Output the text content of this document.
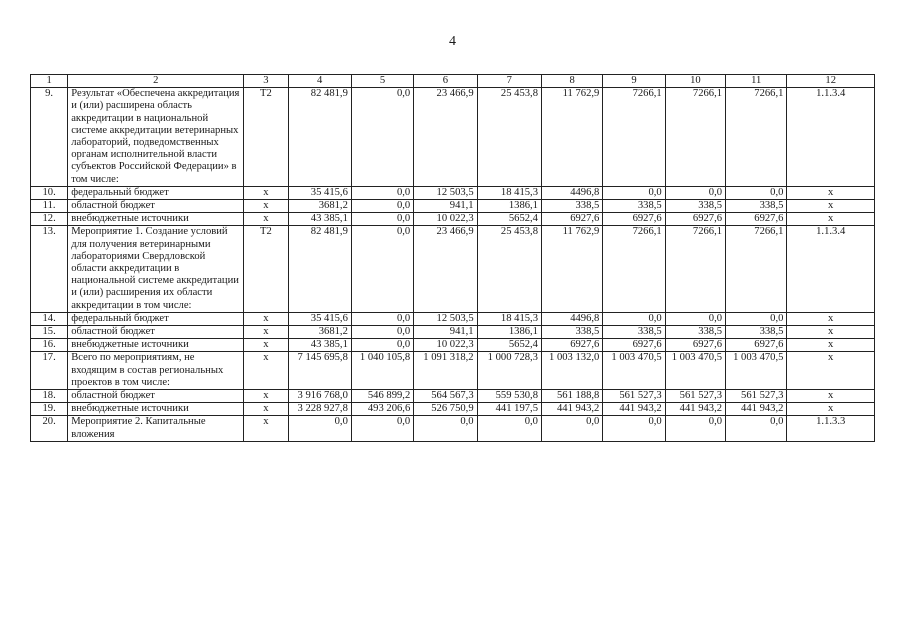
4
1	2	3	4	5	6	7	8	9	10	11	12
9.	Результат «Обеспечена аккредитация и (или) расширена область аккредитации в национальной системе аккредитации ветеринарных лабораторий, подведомственных органам исполнительной власти субъектов Российской Федерации» в том числе:	Т2	82 481,9	0,0	23 466,9	25 453,8	11 762,9	7266,1	7266,1	7266,1	1.1.3.4
10.	федеральный бюджет	х	35 415,6	0,0	12 503,5	18 415,3	4496,8	0,0	0,0	0,0	х
11.	областной бюджет	х	3681,2	0,0	941,1	1386,1	338,5	338,5	338,5	338,5	х
12.	внебюджетные источники	х	43 385,1	0,0	10 022,3	5652,4	6927,6	6927,6	6927,6	6927,6	х
13.	Мероприятие 1. Создание условий для получения ветеринарными лабораториями Свердловской области аккредитации в национальной системе аккредитации и (или) расширения их области аккредитации в том числе:	Т2	82 481,9	0,0	23 466,9	25 453,8	11 762,9	7266,1	7266,1	7266,1	1.1.3.4
14.	федеральный бюджет	х	35 415,6	0,0	12 503,5	18 415,3	4496,8	0,0	0,0	0,0	х
15.	областной бюджет	х	3681,2	0,0	941,1	1386,1	338,5	338,5	338,5	338,5	х
16.	внебюджетные источники	х	43 385,1	0,0	10 022,3	5652,4	6927,6	6927,6	6927,6	6927,6	х
17.	Всего по мероприятиям, не входящим в состав региональных проектов в том числе:	х	7 145 695,8	1 040 105,8	1 091 318,2	1 000 728,3	1 003 132,0	1 003 470,5	1 003 470,5	1 003 470,5	х
18.	областной бюджет	х	3 916 768,0	546 899,2	564 567,3	559 530,8	561 188,8	561 527,3	561 527,3	561 527,3	х
19.	внебюджетные источники	х	3 228 927,8	493 206,6	526 750,9	441 197,5	441 943,2	441 943,2	441 943,2	441 943,2	х
20.	Мероприятие 2. Капитальные вложения	х	0,0	0,0	0,0	0,0	0,0	0,0	0,0	0,0	1.1.3.3
